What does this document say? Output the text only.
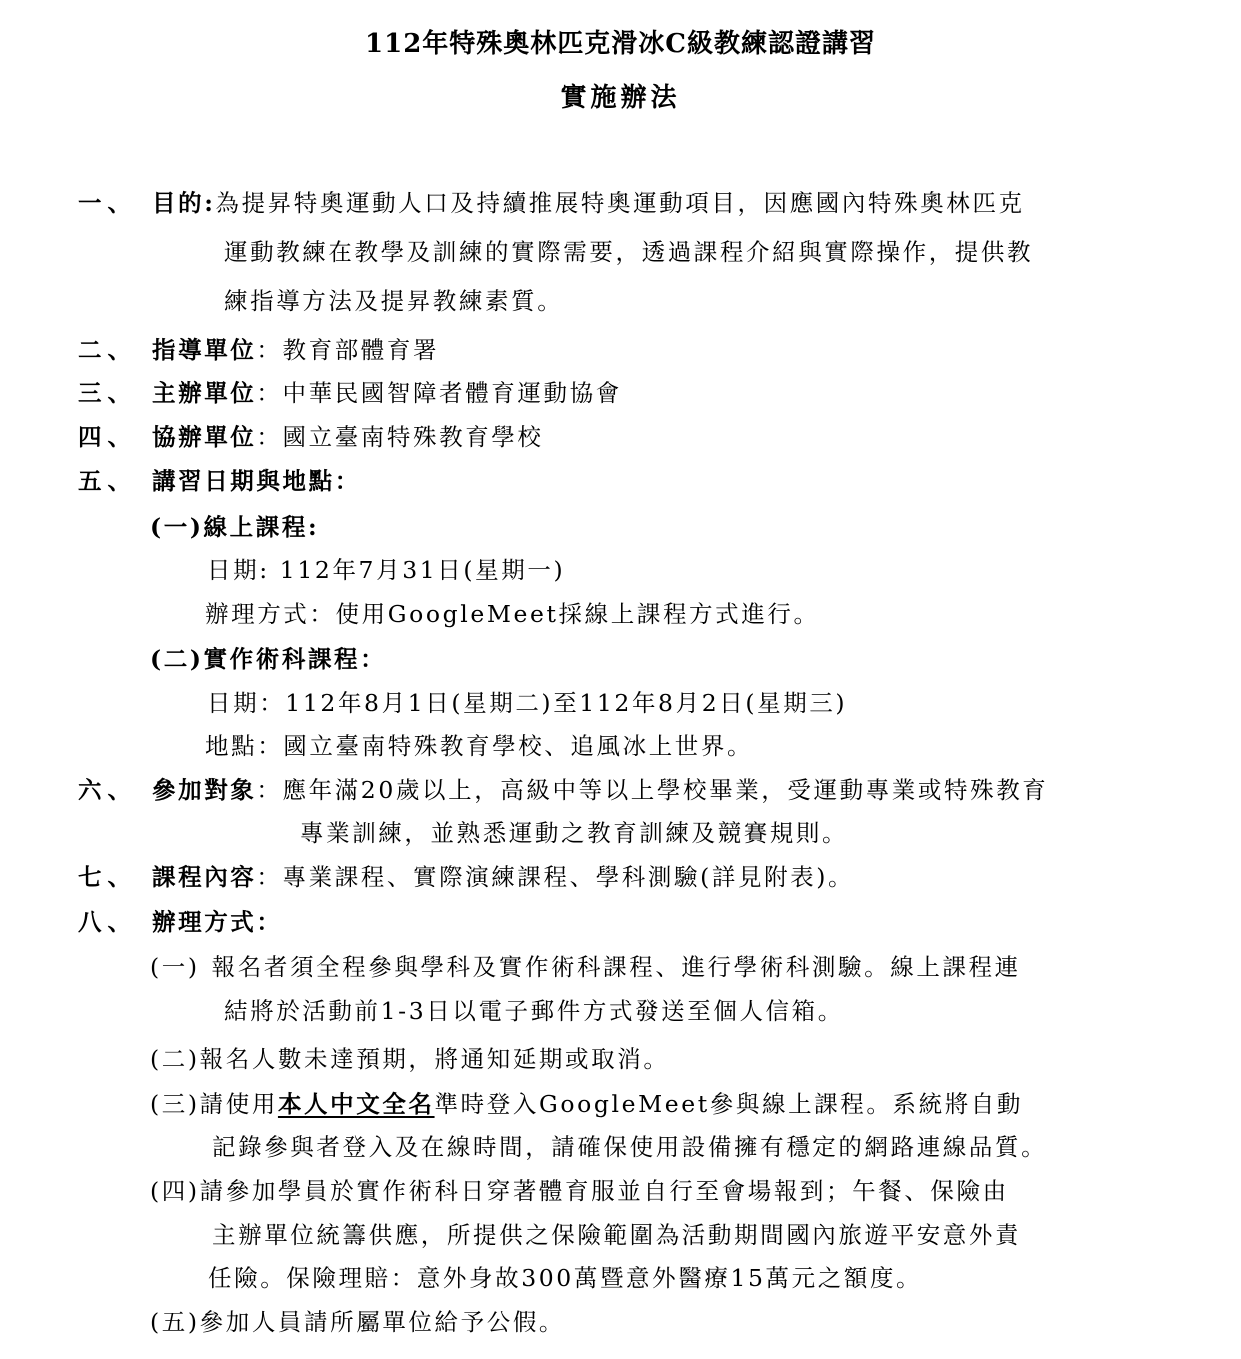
112年特殊奧林匹克滑冰C級教練認證講習
實施辦法
一、 目的:為提昇特奧運動人口及持續推展特奧運動項目，因應國內特殊奧林匹克
運動教練在教學及訓練的實際需要，透過課程介紹與實際操作，提供教
練指導方法及提昇教練素質。
二、 指導單位：教育部體育署
三、 主辦單位：中華民國智障者體育運動協會
四、 協辦單位：國立臺南特殊教育學校
五、 講習日期與地點：
(一)線上課程:
日期: 112年7月31日(星期一)
辦理方式：使用GoogleMeet採線上課程方式進行。
(二)實作術科課程：
日期：112年8月1日(星期二)至112年8月2日(星期三)
地點：國立臺南特殊教育學校、追風冰上世界。
六、 參加對象：應年滿20歲以上，高級中等以上學校畢業，受運動專業或特殊教育
專業訓練，並熟悉運動之教育訓練及競賽規則。
七、 課程內容：專業課程、實際演練課程、學科測驗(詳見附表)。
八、 辦理方式：
(一) 報名者須全程參與學科及實作術科課程、進行學術科測驗。線上課程連
結將於活動前1-3日以電子郵件方式發送至個人信箱。
(二)報名人數未達預期，將通知延期或取消。
(三)請使用本人中文全名準時登入GoogleMeet參與線上課程。系統將自動
記錄參與者登入及在線時間，請確保使用設備擁有穩定的網路連線品質。
(四)請參加學員於實作術科日穿著體育服並自行至會場報到；午餐、保險由
主辦單位統籌供應，所提供之保險範圍為活動期間國內旅遊平安意外責
任險。保險理賠：意外身故300萬暨意外醫療15萬元之額度。
(五)參加人員請所屬單位給予公假。
